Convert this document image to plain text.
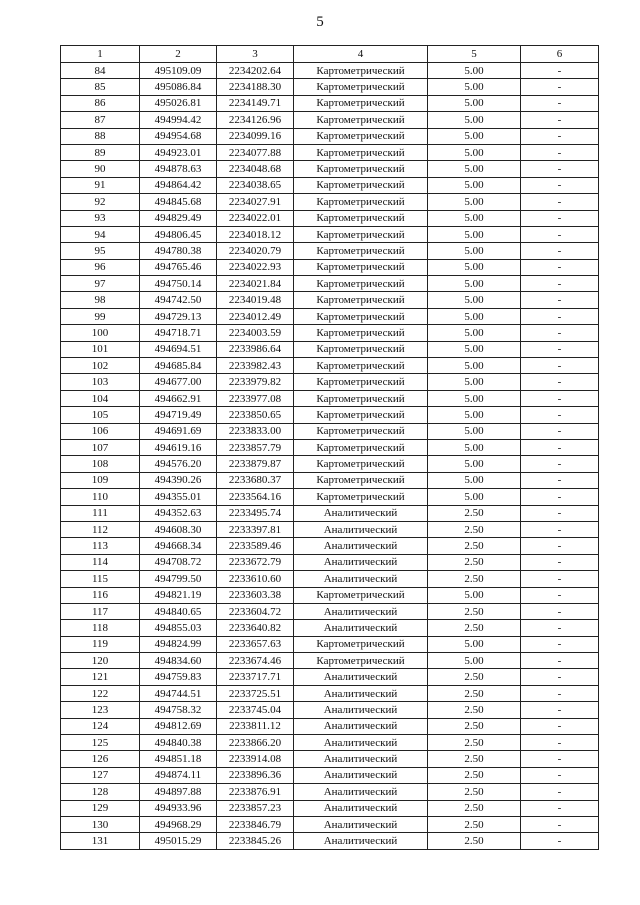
5
1	2	3	4	5	6
84	495109.09	2234202.64	Картометрический	5.00	-
85	495086.84	2234188.30	Картометрический	5.00	-
86	495026.81	2234149.71	Картометрический	5.00	-
87	494994.42	2234126.96	Картометрический	5.00	-
88	494954.68	2234099.16	Картометрический	5.00	-
89	494923.01	2234077.88	Картометрический	5.00	-
90	494878.63	2234048.68	Картометрический	5.00	-
91	494864.42	2234038.65	Картометрический	5.00	-
92	494845.68	2234027.91	Картометрический	5.00	-
93	494829.49	2234022.01	Картометрический	5.00	-
94	494806.45	2234018.12	Картометрический	5.00	-
95	494780.38	2234020.79	Картометрический	5.00	-
96	494765.46	2234022.93	Картометрический	5.00	-
97	494750.14	2234021.84	Картометрический	5.00	-
98	494742.50	2234019.48	Картометрический	5.00	-
99	494729.13	2234012.49	Картометрический	5.00	-
100	494718.71	2234003.59	Картометрический	5.00	-
101	494694.51	2233986.64	Картометрический	5.00	-
102	494685.84	2233982.43	Картометрический	5.00	-
103	494677.00	2233979.82	Картометрический	5.00	-
104	494662.91	2233977.08	Картометрический	5.00	-
105	494719.49	2233850.65	Картометрический	5.00	-
106	494691.69	2233833.00	Картометрический	5.00	-
107	494619.16	2233857.79	Картометрический	5.00	-
108	494576.20	2233879.87	Картометрический	5.00	-
109	494390.26	2233680.37	Картометрический	5.00	-
110	494355.01	2233564.16	Картометрический	5.00	-
111	494352.63	2233495.74	Аналитический	2.50	-
112	494608.30	2233397.81	Аналитический	2.50	-
113	494668.34	2233589.46	Аналитический	2.50	-
114	494708.72	2233672.79	Аналитический	2.50	-
115	494799.50	2233610.60	Аналитический	2.50	-
116	494821.19	2233603.38	Картометрический	5.00	-
117	494840.65	2233604.72	Аналитический	2.50	-
118	494855.03	2233640.82	Аналитический	2.50	-
119	494824.99	2233657.63	Картометрический	5.00	-
120	494834.60	2233674.46	Картометрический	5.00	-
121	494759.83	2233717.71	Аналитический	2.50	-
122	494744.51	2233725.51	Аналитический	2.50	-
123	494758.32	2233745.04	Аналитический	2.50	-
124	494812.69	2233811.12	Аналитический	2.50	-
125	494840.38	2233866.20	Аналитический	2.50	-
126	494851.18	2233914.08	Аналитический	2.50	-
127	494874.11	2233896.36	Аналитический	2.50	-
128	494897.88	2233876.91	Аналитический	2.50	-
129	494933.96	2233857.23	Аналитический	2.50	-
130	494968.29	2233846.79	Аналитический	2.50	-
131	495015.29	2233845.26	Аналитический	2.50	-
